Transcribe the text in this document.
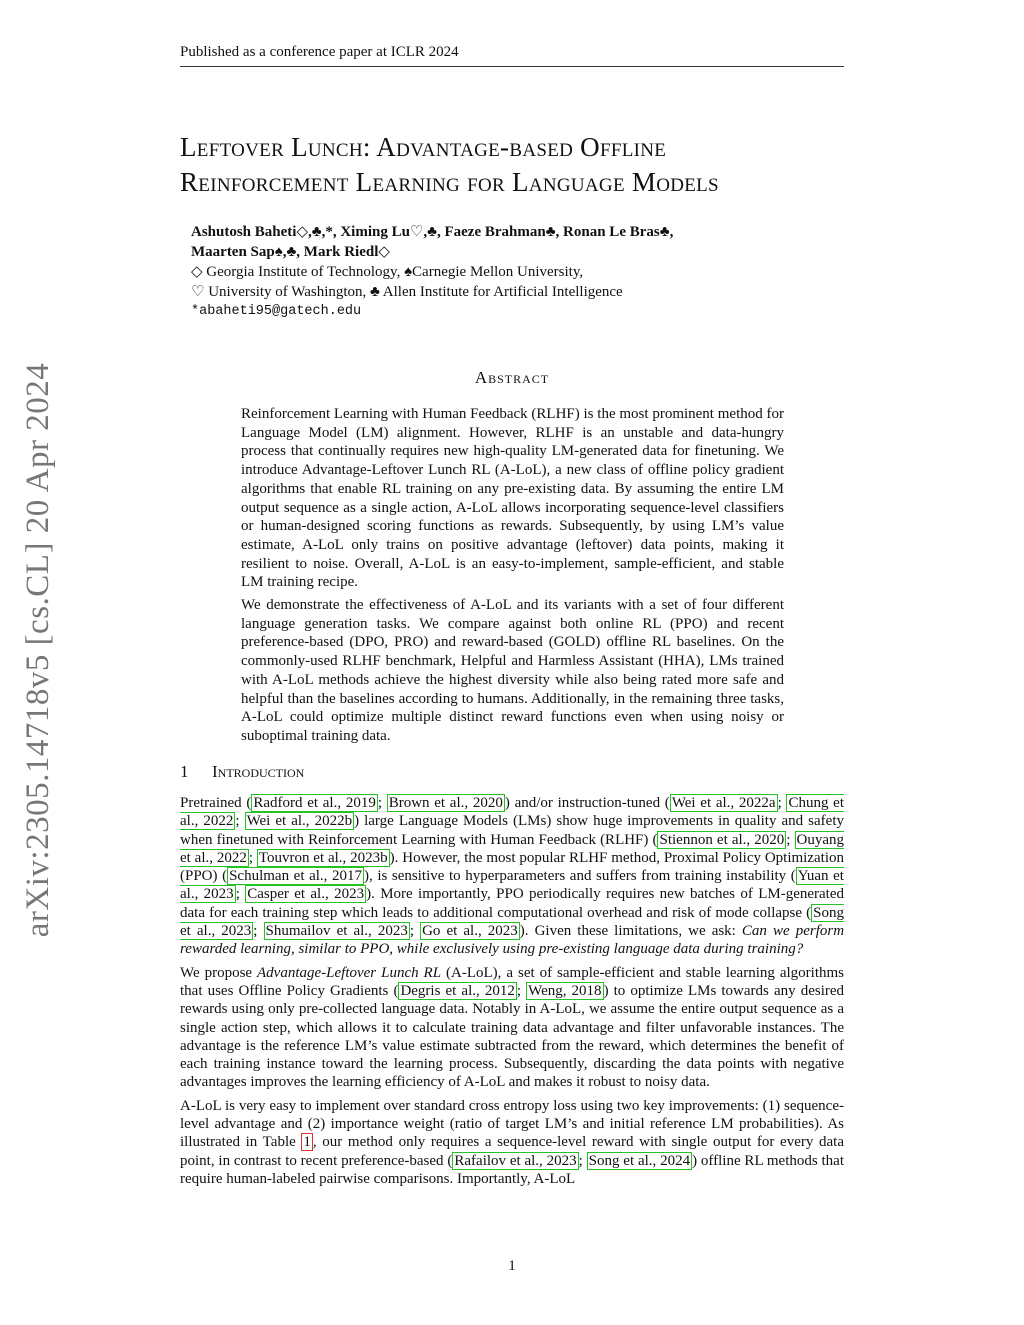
Published as a conference paper at ICLR 2024
Leftover Lunch: Advantage-based Offline
Reinforcement Learning for Language Models
Ashutosh Baheti◇,♣,*, Ximing Lu♡,♣, Faeze Brahman♣, Ronan Le Bras♣,
Maarten Sap♠,♣, Mark Riedl◇
◇ Georgia Institute of Technology, ♠Carnegie Mellon University,
♡ University of Washington, ♣ Allen Institute for Artificial Intelligence
*abaheti95@gatech.edu
arXiv:2305.14718v5 [cs.CL] 20 Apr 2024	Abstract

Reinforcement Learning with Human Feedback (RLHF) is the most prominent method for Language Model (LM) alignment. However, RLHF is an unstable and data-hungry process that continually requires new high-quality LM-generated data for finetuning. We introduce Advantage-Leftover Lunch RL (A-LoL), a new class of offline policy gradient algorithms that enable RL training on any pre-existing data. By assuming the entire LM output sequence as a single action, A-LoL allows incorporating sequence-level classifiers or human-designed scoring functions as rewards. Subsequently, by using LM’s value estimate, A-LoL only trains on positive advantage (leftover) data points, making it resilient to noise. Overall, A-LoL is an easy-to-implement, sample-efficient, and stable LM training recipe.

We demonstrate the effectiveness of A-LoL and its variants with a set of four different language generation tasks. We compare against both online RL (PPO) and recent preference-based (DPO, PRO) and reward-based (GOLD) offline RL baselines. On the commonly-used RLHF benchmark, Helpful and Harmless Assistant (HHA), LMs trained with A-LoL methods achieve the highest diversity while also being rated more safe and helpful than the baselines according to humans. Additionally, in the remaining three tasks, A-LoL could optimize multiple distinct reward functions even when using noisy or suboptimal training data.

1 Introduction

Pretrained ( Radford et al., 2019 ; Brown et al., 2020 ) and/or instruction-tuned ( Wei et al., 2022a ; Chung et al., 2022 ; Wei et al., 2022b ) large Language Models (LMs) show huge improvements in quality and safety when finetuned with Reinforcement Learning with Human Feedback (RLHF) ( Stiennon et al., 2020 ; Ouyang et al., 2022 ; Touvron et al., 2023b ). However, the most popular RLHF method, Proximal Policy Optimization (PPO) ( Schulman et al., 2017 ), is sensitive to hyperparameters and suffers from training instability ( Yuan et al., 2023 ; Casper et al., 2023 ). More importantly, PPO periodically requires new batches of LM-generated data for each training step which leads to additional computational overhead and risk of mode collapse ( Song et al., 2023 ; Shumailov et al., 2023 ; Go et al., 2023 ). Given these limitations, we ask: Can we perform rewarded learning, similar to PPO, while exclusively using pre-existing language data during training?

We propose Advantage-Leftover Lunch RL (A-LoL), a set of sample-efficient and stable learning algorithms that uses Offline Policy Gradients ( Degris et al., 2012 ; Weng, 2018 ) to optimize LMs towards any desired rewards using only pre-collected language data. Notably in A-LoL, we assume the entire output sequence as a single action step, which allows it to calculate training data advantage and filter unfavorable instances. The advantage is the reference LM’s value estimate subtracted from the reward, which determines the benefit of each training instance toward the learning process. Subsequently, discarding the data points with negative advantages improves the learning efficiency of A-LoL and makes it robust to noisy data.

A-LoL is very easy to implement over standard cross entropy loss using two key improvements: (1) sequence-level advantage and (2) importance weight (ratio of target LM’s and initial reference LM probabilities). As illustrated in Table 1 , our method only requires a sequence-level reward with single output for every data point, in contrast to recent preference-based ( Rafailov et al., 2023 ; Song et al., 2024 ) offline RL methods that require human-labeled pairwise comparisons. Importantly, A-LoL

1
